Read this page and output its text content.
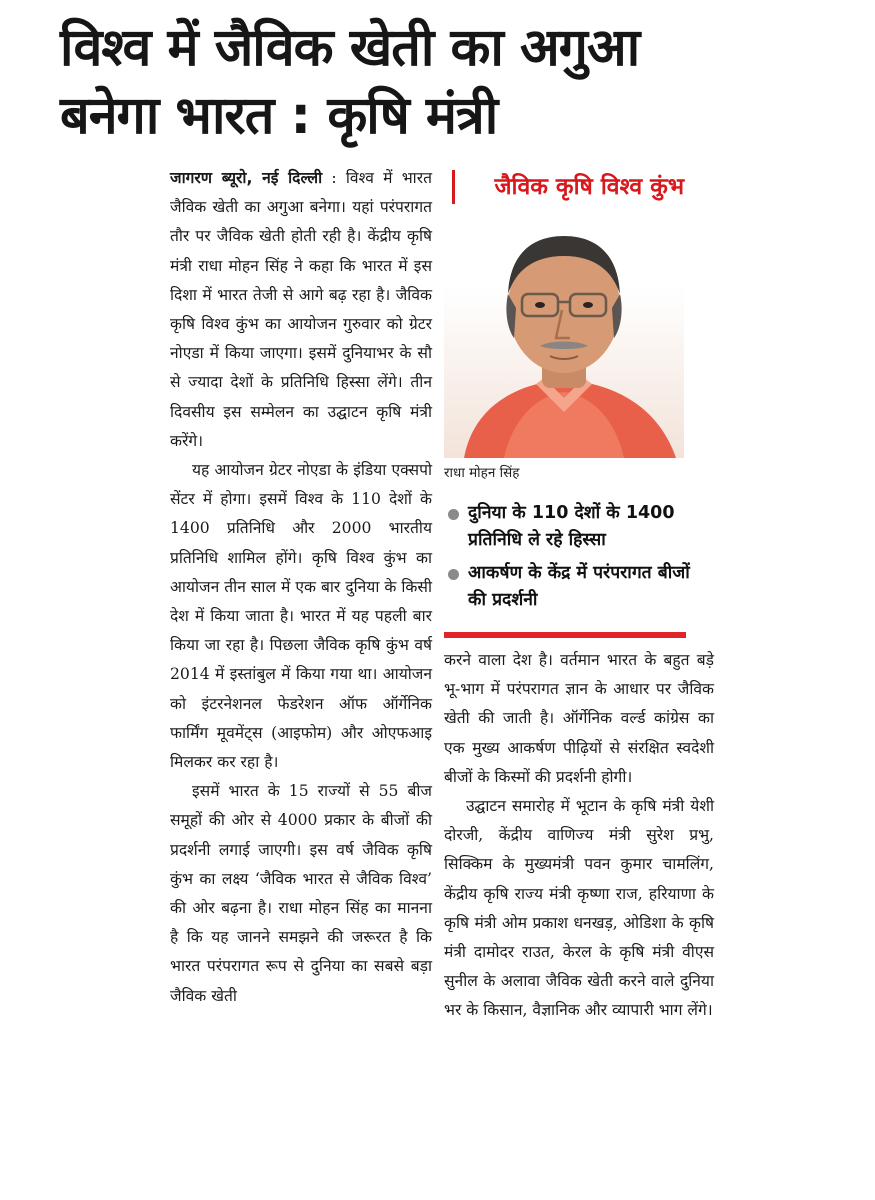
विश्व में जैविक खेती का अगुआ
बनेगा भारत : कृषि मंत्री

जागरण ब्यूरो, नई दिल्ली : विश्व में भारत जैविक खेती का अगुआ बनेगा। यहां परंपरागत तौर पर जैविक खेती होती रही है। केंद्रीय कृषि मंत्री राधा मोहन सिंह ने कहा कि भारत में इस दिशा में भारत तेजी से आगे बढ़ रहा है। जैविक कृषि विश्व कुंभ का आयोजन गुरुवार को ग्रेटर नोएडा में किया जाएगा। इसमें दुनियाभर के सौ से ज्यादा देशों के प्रतिनिधि हिस्सा लेंगे। तीन दिवसीय इस सम्मेलन का उद्घाटन कृषि मंत्री करेंगे।

यह आयोजन ग्रेटर नोएडा के इंडिया एक्सपो सेंटर में होगा। इसमें विश्व के 110 देशों के 1400 प्रतिनिधि और 2000 भारतीय प्रतिनिधि शामिल होंगे। कृषि विश्व कुंभ का आयोजन तीन साल में एक बार दुनिया के किसी देश में किया जाता है। भारत में यह पहली बार किया जा रहा है। पिछला जैविक कृषि कुंभ वर्ष 2014 में इस्तांबुल में किया गया था। आयोजन को इंटरनेशनल फेडरेशन ऑफ ऑर्गेनिक फार्मिंग मूवमेंट्स (आइफोम) और ओएफआइ मिलकर कर रहा है।

इसमें भारत के 15 राज्यों से 55 बीज समूहों की ओर से 4000 प्रकार के बीजों की प्रदर्शनी लगाई जाएगी। इस वर्ष जैविक कृषि कुंभ का लक्ष्य ‘जैविक भारत से जैविक विश्व’ की ओर बढ़ना है। राधा मोहन सिंह का मानना है कि यह जानने समझने की जरूरत है कि भारत परंपरागत रूप से दुनिया का सबसे बड़ा जैविक खेती

जैविक कृषि विश्व कुंभ
राधा मोहन सिंह
दुनिया के 110 देशों के 1400 प्रतिनिधि ले रहे हिस्सा
आकर्षण के केंद्र में परंपरागत बीजों की प्रदर्शनी

करने वाला देश है। वर्तमान भारत के बहुत बड़े भू-भाग में परंपरागत ज्ञान के आधार पर जैविक खेती की जाती है। ऑर्गेनिक वर्ल्ड कांग्रेस का एक मुख्य आकर्षण पीढ़ियों से संरक्षित स्वदेशी बीजों के किस्मों की प्रदर्शनी होगी।

उद्घाटन समारोह में भूटान के कृषि मंत्री येशी दोरजी, केंद्रीय वाणिज्य मंत्री सुरेश प्रभु, सिक्किम के मुख्यमंत्री पवन कुमार चामलिंग, केंद्रीय कृषि राज्य मंत्री कृष्णा राज, हरियाणा के कृषि मंत्री ओम प्रकाश धनखड़, ओडिशा के कृषि मंत्री दामोदर राउत, केरल के कृषि मंत्री वीएस सुनील के अलावा जैविक खेती करने वाले दुनिया भर के किसान, वैज्ञानिक और व्यापारी भाग लेंगे।
